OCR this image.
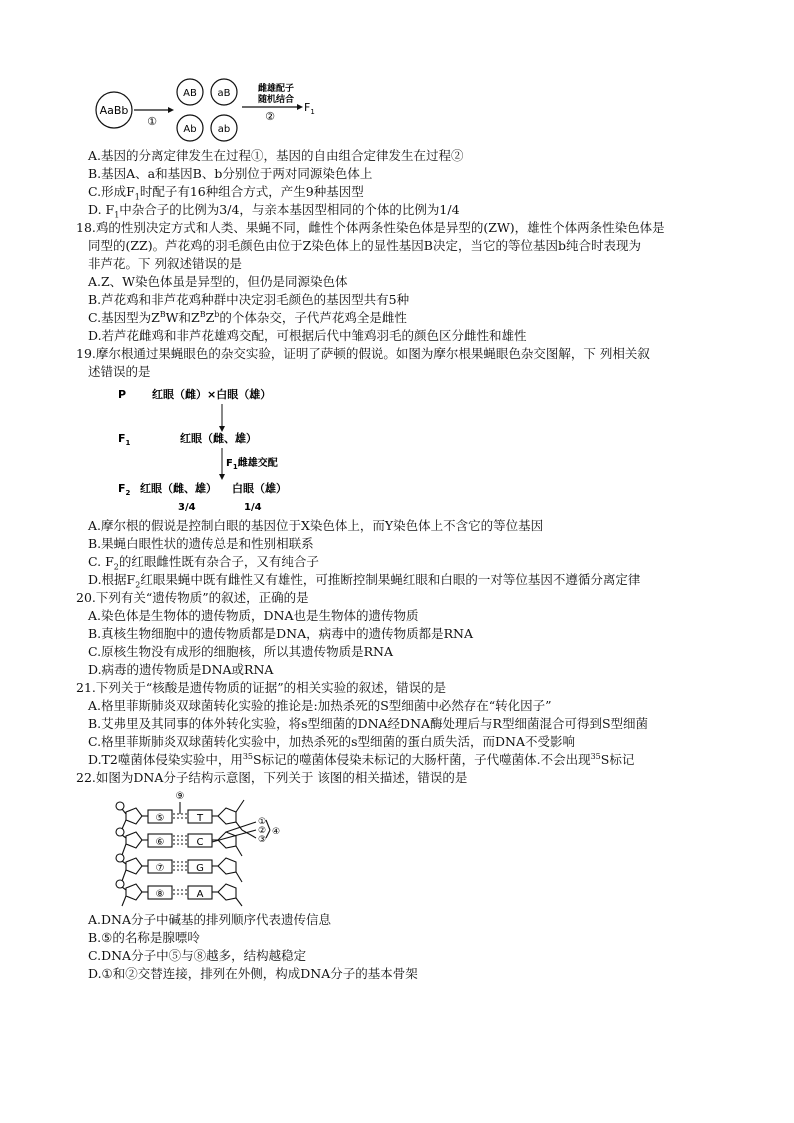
AaBb
①
AB aB
Ab ab
雌雄配子
随机结合
②
$F_1$
A.基因的分离定律发生在过程①，基因的自由组合定律发生在过程②
B.基因A、a和基因B、b分别位于两对同源染色体上
C.形成$F_1$时配子有16种组合方式，产生9种基因型
D. $F_1$中杂合子的比例为3/4，与亲本基因型相同的个体的比例为1/4
18.鸡的性别决定方式和人类、果蝇不同，雌性个体两条性染色体是异型的(ZW)，雄性个体两条性染色体是
同型的(ZZ)。芦花鸡的羽毛颜色由位于Z染色体上的显性基因B决定，当它的等位基因b纯合时表现为
非芦花。下 列叙述错误的是
A.Z、W染色体虽是异型的，但仍是同源染色体
B.芦花鸡和非芦花鸡种群中决定羽毛颜色的基因型共有5种
C.基因型为$Z^BW$和$Z^BZ^b$的个体杂交，子代芦花鸡全是雌性
D.若芦花雌鸡和非芦花雄鸡交配，可根据后代中雏鸡羽毛的颜色区分雌性和雄性
19.摩尔根通过果蝇眼色的杂交实验，证明了萨顿的假说。如图为摩尔根果蝇眼色杂交图解，下 列相关叙
述错误的是
P 红眼（雌）×白眼（雄）
$F_1$	红眼（雌、雄）
$F_1$雌雄交配
$F_2$ 红眼（雌、雄） 白眼（雄）
3/4	1/4
A.摩尔根的假说是控制白眼的基因位于X染色体上，而Y染色体上不含它的等位基因
B.果蝇白眼性状的遗传总是和性别相联系
C. $F_2$的红眼雌性既有杂合子，又有纯合子
D.根据$F_2$红眼果蝇中既有雌性又有雄性，可推断控制果蝇红眼和白眼的一对等位基因不遵循分离定律
20.下列有关“遗传物质”的叙述，正确的是
A.染色体是生物体的遗传物质，DNA也是生物体的遗传物质
B.真核生物细胞中的遗传物质都是DNA，病毒中的遗传物质都是RNA
C.原核生物没有成形的细胞核，所以其遗传物质是RNA
D.病毒的遗传物质是DNA或RNA
21.下列关于“核酸是遗传物质的证据”的相关实验的叙述，错误的是
A.格里菲斯肺炎双球菌转化实验的推论是:加热杀死的S型细菌中必然存在“转化因子”
B.艾弗里及其同事的体外转化实验，将s型细菌的DNA经DNA酶处理后与R型细菌混合可得到S型细菌
C.格里菲斯肺炎双球菌转化实验中，加热杀死的s型细菌的蛋白质失活，而DNA不受影响
D.T2噬菌体侵染实验中，用$^{35}$S标记的噬菌体侵染未标记的大肠杆菌，子代噬菌体.不会出现$^{35}$S标记
22.如图为DNA分子结构示意图，下列关于 该图的相关描述，错误的是
⑤
⑥
⑦
⑧
T
C
G
A
⑨
①
②
③
④
A.DNA分子中碱基的排列顺序代表遗传信息
B.⑤的名称是腺嘌呤
C.DNA分子中⑤与⑧越多，结构越稳定
D.①和②交替连接，排列在外侧，构成DNA分子的基本骨架
